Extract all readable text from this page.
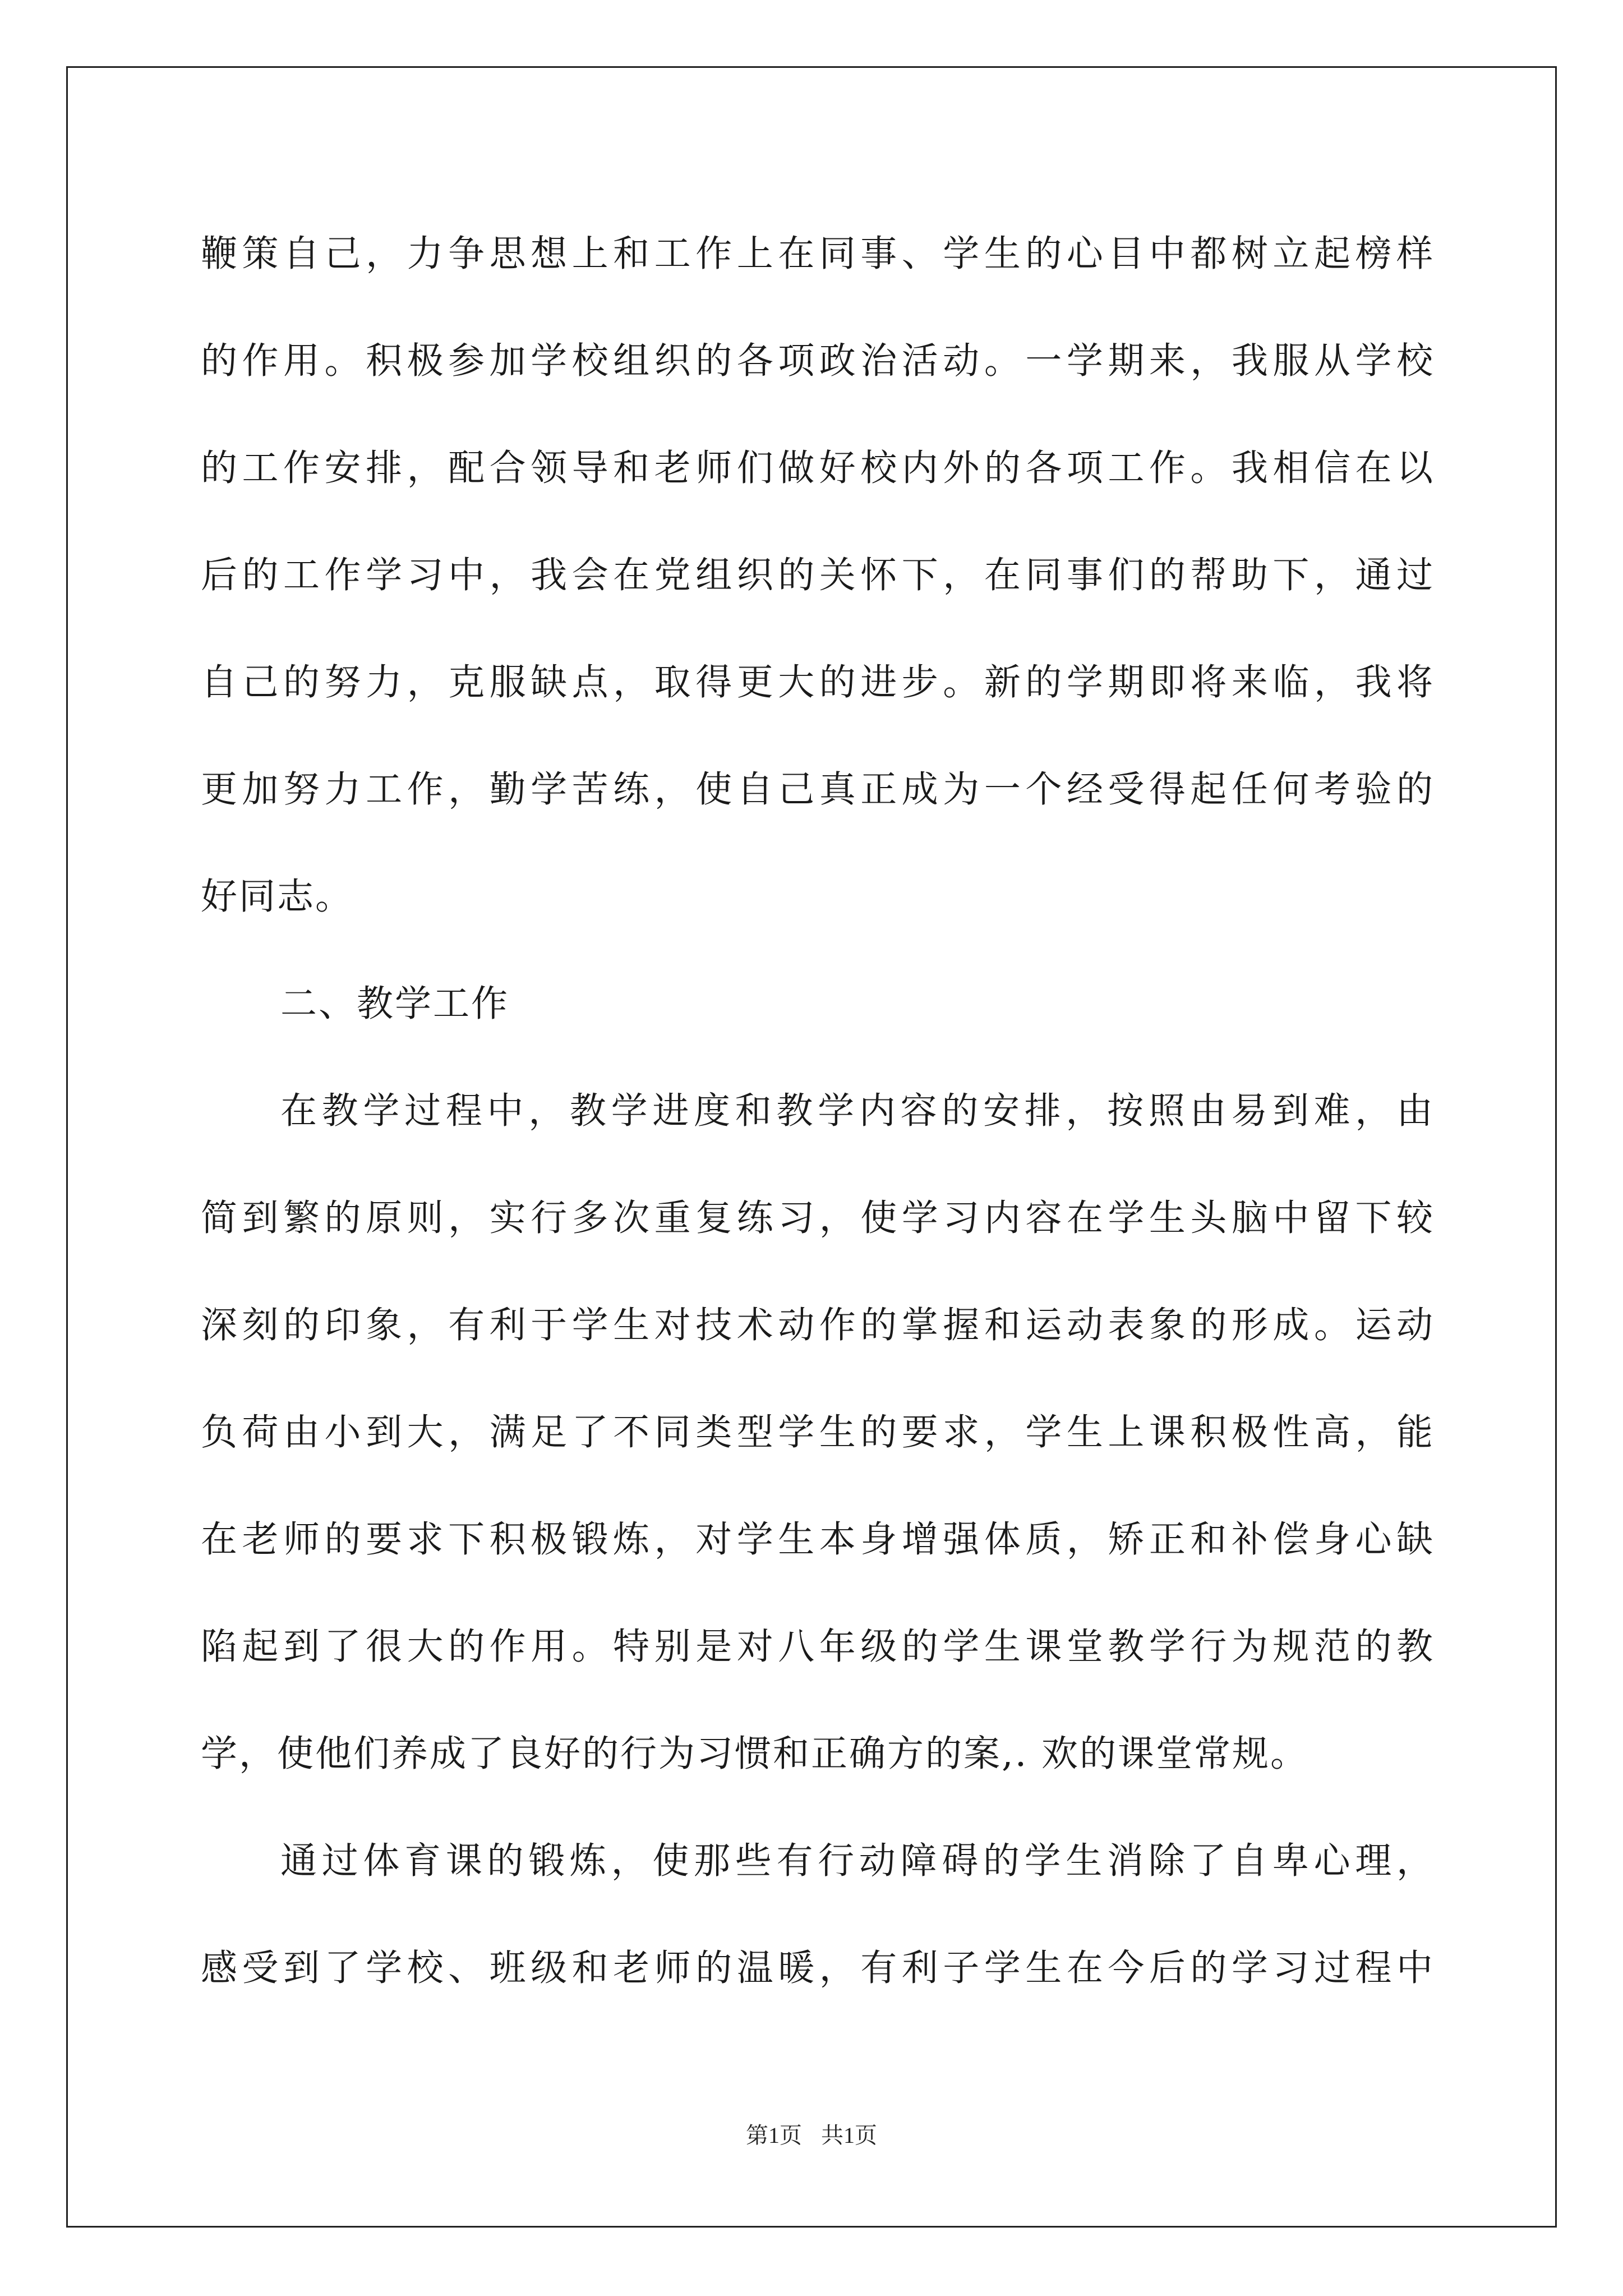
鞭策自己，力争思想上和工作上在同事、学生的心目中都树立起榜样
的作用。积极参加学校组织的各项政治活动。一学期来，我服从学校
的工作安排，配合领导和老师们做好校内外的各项工作。我相信在以
后的工作学习中，我会在党组织的关怀下，在同事们的帮助下，通过
自己的努力，克服缺点，取得更大的进步。新的学期即将来临，我将
更加努力工作，勤学苦练，使自己真正成为一个经受得起任何考验的
好同志。
二、教学工作
在教学过程中，教学进度和教学内容的安排，按照由易到难，由
简到繁的原则，实行多次重复练习，使学习内容在学生头脑中留下较
深刻的印象，有利于学生对技术动作的掌握和运动表象的形成。运动
负荷由小到大，满足了不同类型学生的要求，学生上课积极性高，能
在老师的要求下积极锻炼，对学生本身增强体质，矫正和补偿身心缺
陷起到了很大的作用。特别是对八年级的学生课堂教学行为规范的教
学，使他们养成了良好的行为习惯和正确方的案,. 欢的课堂常规。
通过体育课的锻炼，使那些有行动障碍的学生消除了自卑心理，
感受到了学校、班级和老师的温暖，有利子学生在今后的学习过程中
第1页 共1页
